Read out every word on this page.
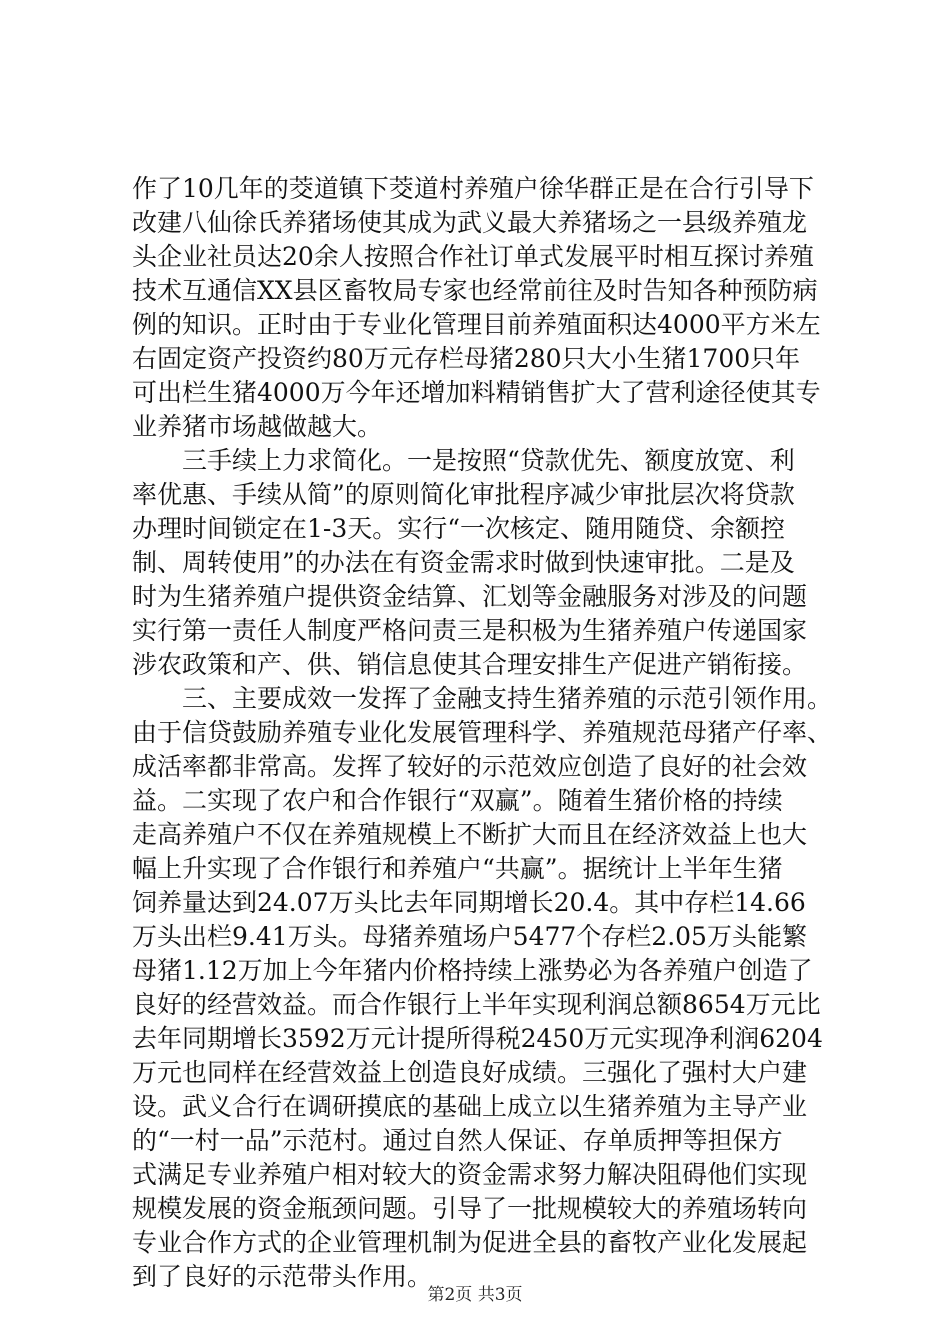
作了10几年的茭道镇下茭道村养殖户徐华群正是在合行引导下
改建八仙徐氏养猪场使其成为武义最大养猪场之一县级养殖龙
头企业社员达20余人按照合作社订单式发展平时相互探讨养殖
技术互通信XX县区畜牧局专家也经常前往及时告知各种预防病
例的知识。正时由于专业化管理目前养殖面积达4000平方米左
右固定资产投资约80万元存栏母猪280只大小生猪1700只年
可出栏生猪4000万今年还增加料精销售扩大了营利途径使其专
业养猪市场越做越大。
　　三手续上力求简化。一是按照“贷款优先、额度放宽、利
率优惠、手续从简”的原则简化审批程序减少审批层次将贷款
办理时间锁定在1-3天。实行“一次核定、随用随贷、余额控
制、周转使用”的办法在有资金需求时做到快速审批。二是及
时为生猪养殖户提供资金结算、汇划等金融服务对涉及的问题
实行第一责任人制度严格问责三是积极为生猪养殖户传递国家
涉农政策和产、供、销信息使其合理安排生产促进产销衔接。
　　三、主要成效一发挥了金融支持生猪养殖的示范引领作用。
由于信贷鼓励养殖专业化发展管理科学、养殖规范母猪产仔率、
成活率都非常高。发挥了较好的示范效应创造了良好的社会效
益。二实现了农户和合作银行“双赢”。随着生猪价格的持续
走高养殖户不仅在养殖规模上不断扩大而且在经济效益上也大
幅上升实现了合作银行和养殖户“共赢”。据统计上半年生猪
饲养量达到24.07万头比去年同期增长20.4。其中存栏14.66
万头出栏9.41万头。母猪养殖场户5477个存栏2.05万头能繁
母猪1.12万加上今年猪内价格持续上涨势必为各养殖户创造了
良好的经营效益。而合作银行上半年实现利润总额8654万元比
去年同期增长3592万元计提所得税2450万元实现净利润6204
万元也同样在经营效益上创造良好成绩。三强化了强村大户建
设。武义合行在调研摸底的基础上成立以生猪养殖为主导产业
的“一村一品”示范村。通过自然人保证、存单质押等担保方
式满足专业养殖户相对较大的资金需求努力解决阻碍他们实现
规模发展的资金瓶颈问题。引导了一批规模较大的养殖场转向
专业合作方式的企业管理机制为促进全县的畜牧产业化发展起
到了良好的示范带头作用。
第2页 共3页
